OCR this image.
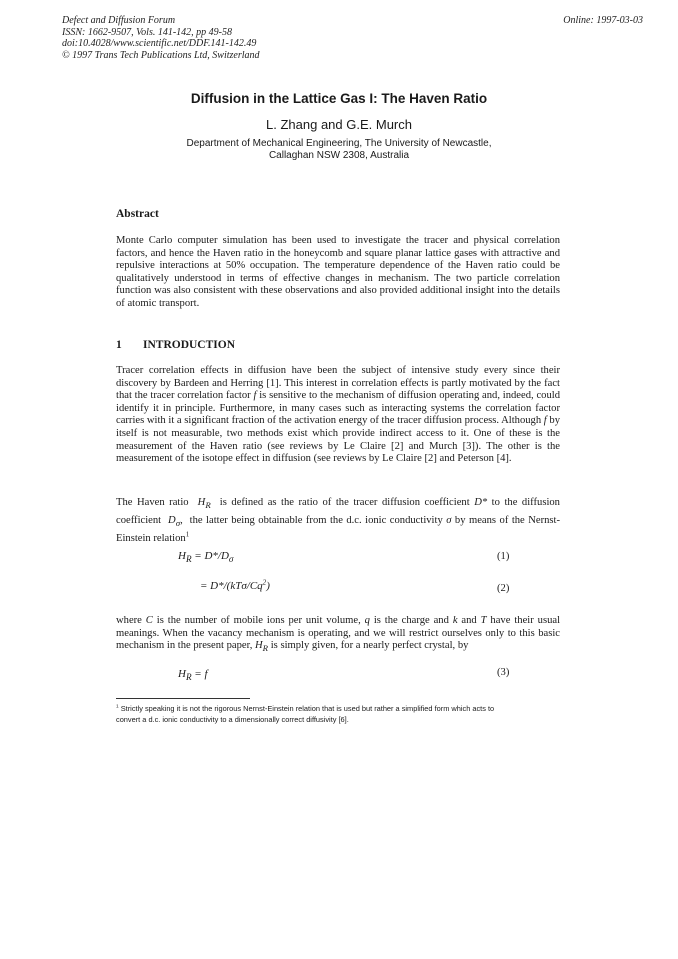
Defect and Diffusion Forum
ISSN: 1662-9507, Vols. 141-142, pp 49-58
doi:10.4028/www.scientific.net/DDF.141-142.49
© 1997 Trans Tech Publications Ltd, Switzerland
Online: 1997-03-03
Diffusion in the Lattice Gas I: The Haven Ratio
L. Zhang and G.E. Murch
Department of Mechanical Engineering, The University of Newcastle,
Callaghan NSW 2308, Australia
Abstract
Monte Carlo computer simulation has been used to investigate the tracer and physical correlation factors, and hence the Haven ratio in the honeycomb and square planar lattice gases with attractive and repulsive interactions at 50% occupation. The temperature dependence of the Haven ratio could be qualitatively understood in terms of effective changes in mechanism. The two particle correlation function was also consistent with these observations and also provided additional insight into the details of atomic transport.
1 INTRODUCTION
Tracer correlation effects in diffusion have been the subject of intensive study every since their discovery by Bardeen and Herring [1]. This interest in correlation effects is partly motivated by the fact that the tracer correlation factor f is sensitive to the mechanism of diffusion operating and, indeed, could identify it in principle. Furthermore, in many cases such as interacting systems the correlation factor carries with it a significant fraction of the activation energy of the tracer diffusion process. Although f by itself is not measurable, two methods exist which provide indirect access to it. One of these is the measurement of the Haven ratio (see reviews by Le Claire [2] and Murch [3]). The other is the measurement of the isotope effect in diffusion (see reviews by Le Claire [2] and Peterson [4].
The Haven ratio  $H_R$  is defined as the ratio of the tracer diffusion coefficient D* to the diffusion coefficient  $D_\sigma$,  the latter being obtainable from the d.c. ionic conductivity σ by means of the Nernst-Einstein relation$^1$
$H_R = D*/D_\sigma$	(1)
= $D*/(kT\sigma/Cq^2)$	(2)
where C is the number of mobile ions per unit volume, q is the charge and k and T have their usual meanings. When the vacancy mechanism is operating, and we will restrict ourselves only to this basic mechanism in the present paper, $H_R$ is simply given, for a nearly perfect crystal, by
$H_R = f$	(3)
$^1$ Strictly speaking it is not the rigorous Nernst-Einstein relation that is used but rather a simplified form which acts to
convert a d.c. ionic conductivity to a dimensionally correct diffusivity [6].
